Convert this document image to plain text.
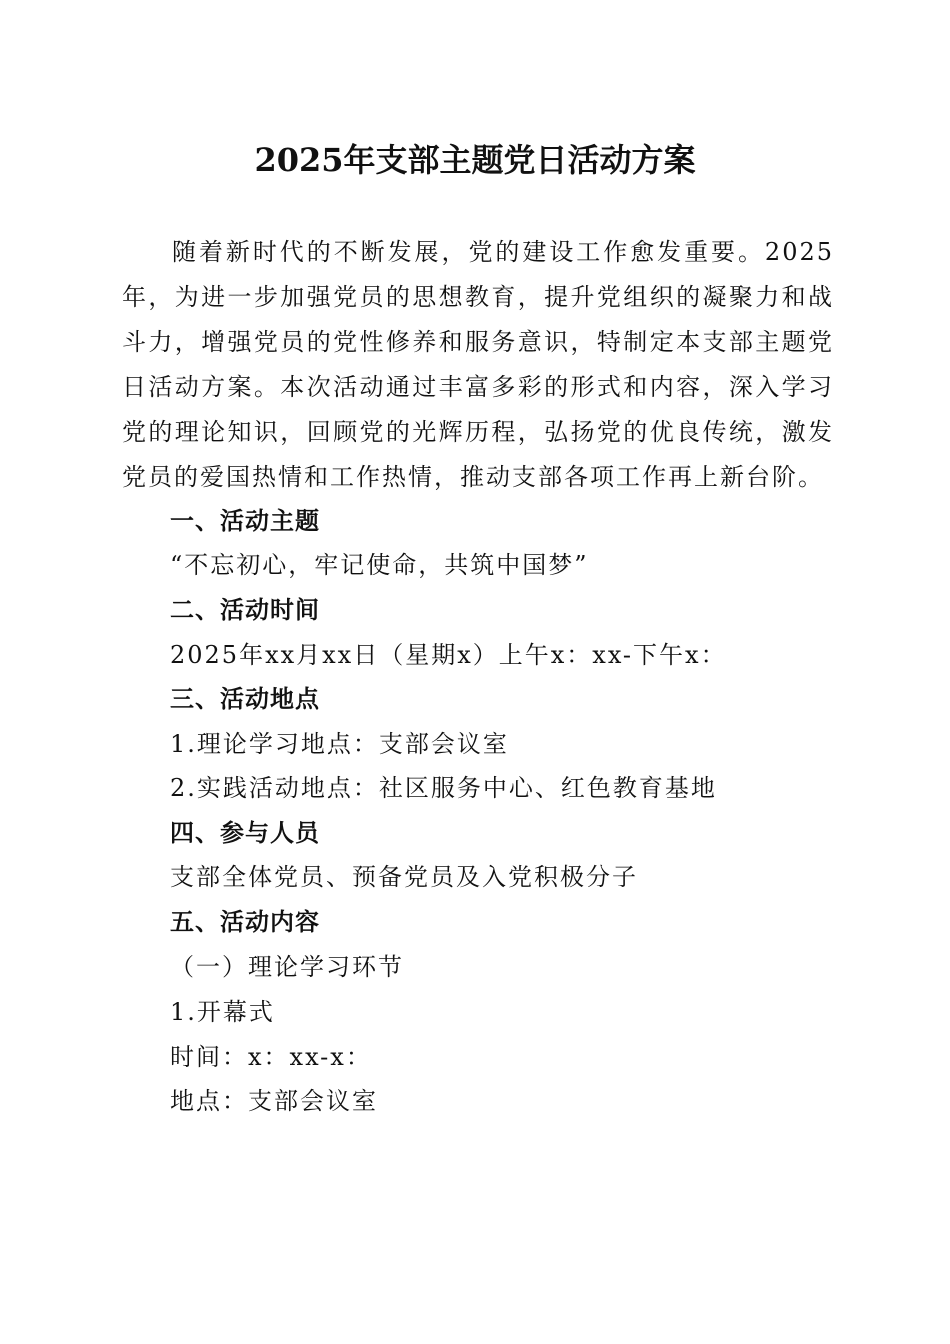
2025年支部主题党日活动方案

随着新时代的不断发展，党的建设工作愈发重要。2025年，为进一步加强党员的思想教育，提升党组织的凝聚力和战斗力，增强党员的党性修养和服务意识，特制定本支部主题党日活动方案。本次活动通过丰富多彩的形式和内容，深入学习党的理论知识，回顾党的光辉历程，弘扬党的优良传统，激发党员的爱国热情和工作热情，推动支部各项工作再上新台阶。

一、活动主题
“不忘初心，牢记使命，共筑中国梦”
二、活动时间
2025年xx月xx日（星期x）上午x：xx-下午x：
三、活动地点
1.理论学习地点：支部会议室
2.实践活动地点：社区服务中心、红色教育基地
四、参与人员
支部全体党员、预备党员及入党积极分子
五、活动内容
（一）理论学习环节
1.开幕式
时间：x：xx-x：
地点：支部会议室
